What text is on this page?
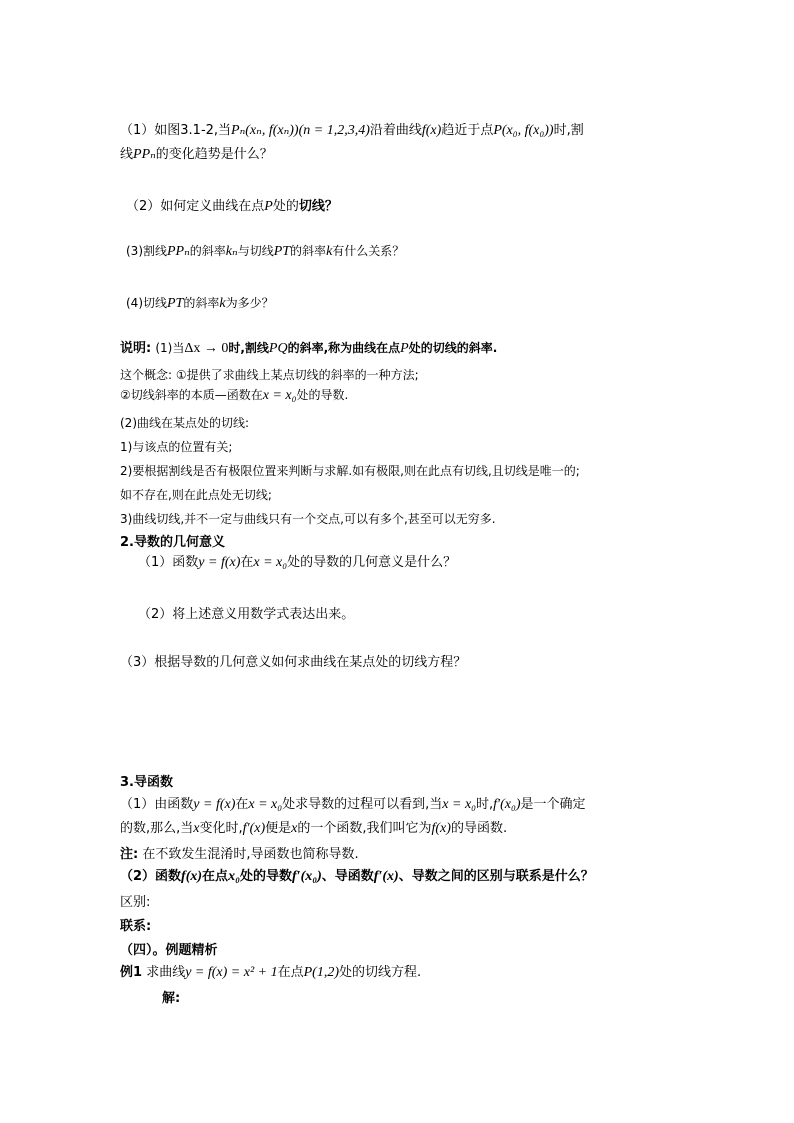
（1）如图3.1-2,当Pₙ(xₙ, f(xₙ))(n = 1,2,3,4)沿着曲线f(x)趋近于点P(x₀, f(x₀))时,割
线PPₙ的变化趋势是什么？
（2）如何定义曲线在点P处的切线？
(3)割线PPₙ的斜率kₙ与切线PT的斜率k有什么关系？
(4)切线PT的斜率k为多少？
说明: (1)当Δx → 0时,割线PQ的斜率,称为曲线在点P处的切线的斜率.
这个概念: ①提供了求曲线上某点切线的斜率的一种方法;
②切线斜率的本质—函数在x = x₀处的导数.
(2)曲线在某点处的切线:
1)与该点的位置有关;
2)要根据割线是否有极限位置来判断与求解.如有极限,则在此点有切线,且切线是唯一的;
如不存在,则在此点处无切线;
3)曲线切线,并不一定与曲线只有一个交点,可以有多个,甚至可以无穷多.
2.导数的几何意义
（1）函数y = f(x)在x = x₀处的导数的几何意义是什么？
（2）将上述意义用数学式表达出来。
（3）根据导数的几何意义如何求曲线在某点处的切线方程？
3.导函数
（1）由函数y = f(x)在x = x₀处求导数的过程可以看到,当x = x₀时,f′(x₀)是一个确定
的数,那么,当x变化时,f′(x)便是x的一个函数,我们叫它为f(x)的导函数.
注: 在不致发生混淆时,导函数也简称导数.
（2）函数f(x)在点x₀处的导数f′(x₀)、导函数f′(x)、导数之间的区别与联系是什么？
区别:
联系:
（四）。例题精析
例1 求曲线y = f(x) = x² + 1在点P(1,2)处的切线方程.
解:
